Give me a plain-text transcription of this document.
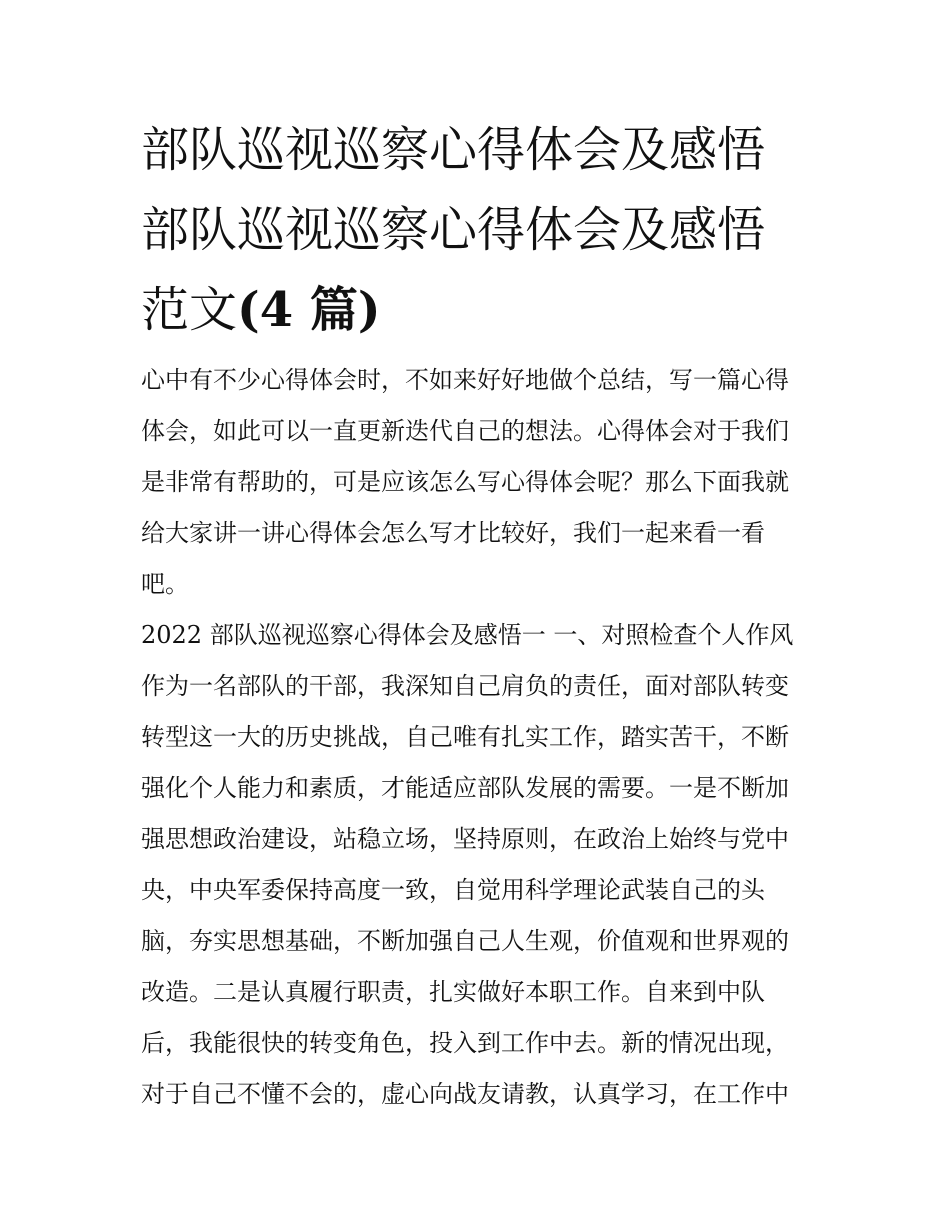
部队巡视巡察心得体会及感悟
部队巡视巡察心得体会及感悟
范文(4 篇)
心中有不少心得体会时，不如来好好地做个总结，写一篇心得
体会，如此可以一直更新迭代自己的想法。心得体会对于我们
是非常有帮助的，可是应该怎么写心得体会呢？那么下面我就
给大家讲一讲心得体会怎么写才比较好，我们一起来看一看
吧。
2022 部队巡视巡察心得体会及感悟一 一、对照检查个人作风
作为一名部队的干部，我深知自己肩负的责任，面对部队转变
转型这一大的历史挑战，自己唯有扎实工作，踏实苦干，不断
强化个人能力和素质，才能适应部队发展的需要。一是不断加
强思想政治建设，站稳立场，坚持原则，在政治上始终与党中
央，中央军委保持高度一致，自觉用科学理论武装自己的头
脑，夯实思想基础，不断加强自己人生观，价值观和世界观的
改造。二是认真履行职责，扎实做好本职工作。自来到中队
后，我能很快的转变角色，投入到工作中去。新的情况出现，
对于自己不懂不会的，虚心向战友请教，认真学习，在工作中
